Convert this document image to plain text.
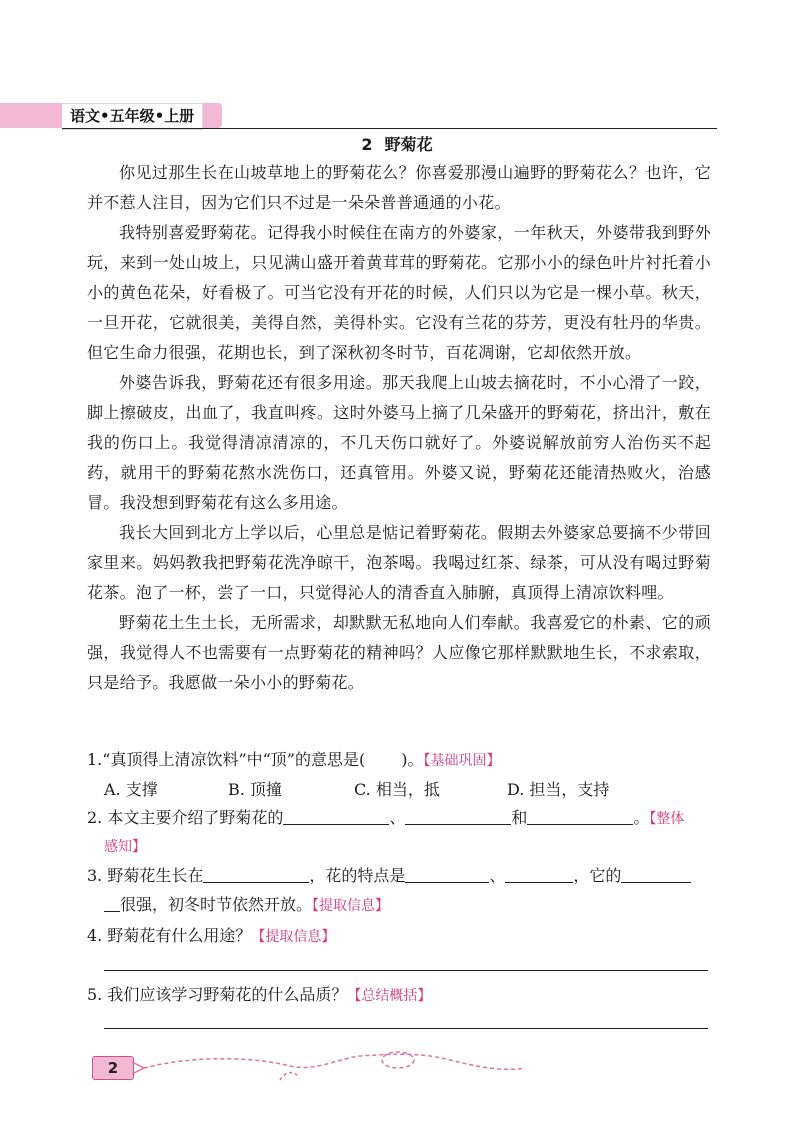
语文•五年级•上册
2 野菊花

你见过那生长在山坡草地上的野菊花么？你喜爱那漫山遍野的野菊花么？也许，它并不惹人注目，因为它们只不过是一朵朵普普通通的小花。

我特别喜爱野菊花。记得我小时候住在南方的外婆家，一年秋天，外婆带我到野外玩，来到一处山坡上，只见满山盛开着黄茸茸的野菊花。它那小小的绿色叶片衬托着小小的黄色花朵，好看极了。可当它没有开花的时候，人们只以为它是一棵小草。秋天，一旦开花，它就很美，美得自然，美得朴实。它没有兰花的芬芳，更没有牡丹的华贵。但它生命力很强，花期也长，到了深秋初冬时节，百花凋谢，它却依然开放。

外婆告诉我，野菊花还有很多用途。那天我爬上山坡去摘花时，不小心滑了一跤，脚上擦破皮，出血了，我直叫疼。这时外婆马上摘了几朵盛开的野菊花，挤出汁，敷在我的伤口上。我觉得清凉清凉的，不几天伤口就好了。外婆说解放前穷人治伤买不起药，就用干的野菊花熬水洗伤口，还真管用。外婆又说，野菊花还能清热败火，治感冒。我没想到野菊花有这么多用途。

我长大回到北方上学以后，心里总是惦记着野菊花。假期去外婆家总要摘不少带回家里来。妈妈教我把野菊花洗净晾干，泡茶喝。我喝过红茶、绿茶，可从没有喝过野菊花茶。泡了一杯，尝了一口，只觉得沁人的清香直入肺腑，真顶得上清凉饮料哩。

野菊花土生土长，无所需求，却默默无私地向人们奉献。我喜爱它的朴素、它的顽强，我觉得人不也需要有一点野菊花的精神吗？人应像它那样默默地生长，不求索取，只是给予。我愿做一朵小小的野菊花。

1.“真顶得上清凉饮料”中“顶”的意思是( )。【基础巩固】
A. 支撑	B. 顶撞	C. 相当，抵	D. 担当，支持
2. 本文主要介绍了野菊花的	、	和	。【整体
感知】
3. 野菊花生长在	，花的特点是	、	，它的
很强，初冬时节依然开放。【提取信息】
4. 野菊花有什么用途？【提取信息】
5. 我们应该学习野菊花的什么品质？【总结概括】
2
